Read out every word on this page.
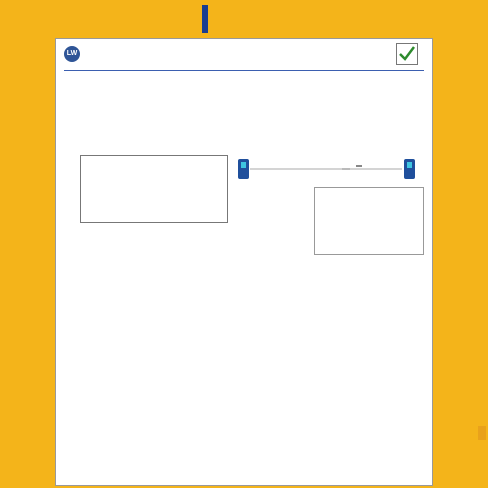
LW
